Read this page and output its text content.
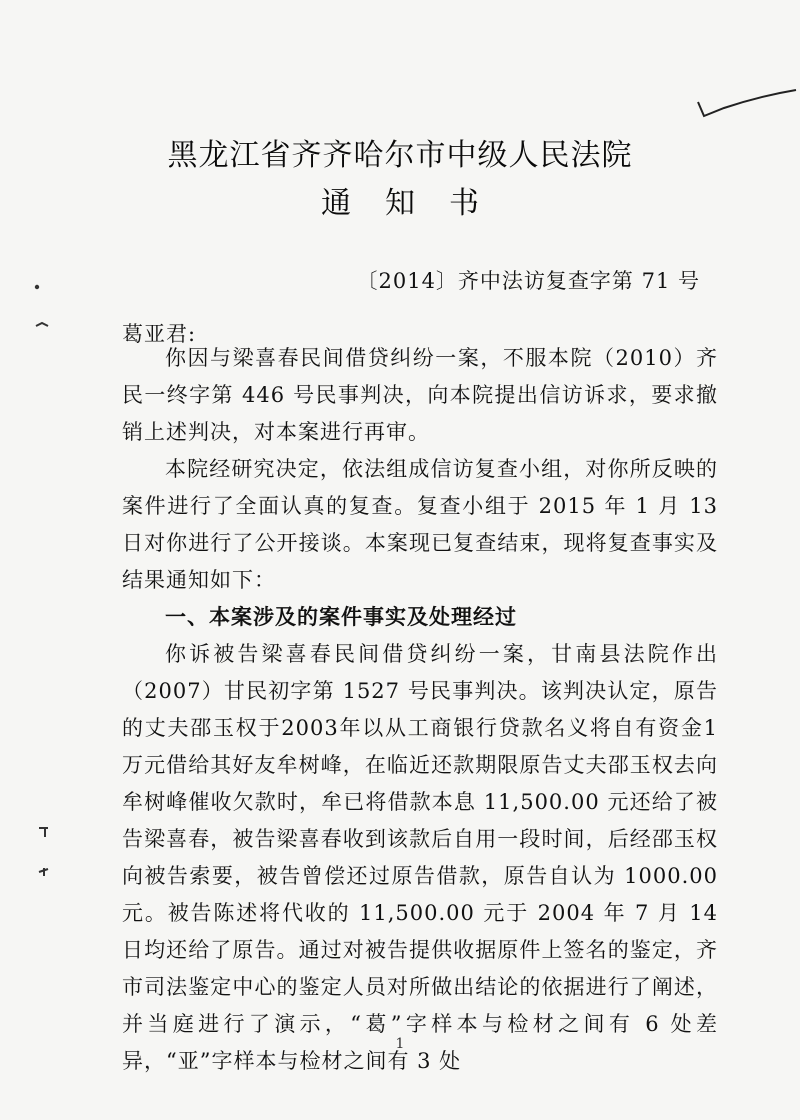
黑龙江省齐齐哈尔市中级人民法院
通知书
〔2014〕齐中法访复查字第 71 号
葛亚君:

你因与梁喜春民间借贷纠纷一案，不服本院（2010）齐民一终字第 446 号民事判决，向本院提出信访诉求，要求撤销上述判决，对本案进行再审。

本院经研究决定，依法组成信访复查小组，对你所反映的案件进行了全面认真的复查。复查小组于 2015 年 1 月 13 日对你进行了公开接谈。本案现已复查结束，现将复查事实及结果通知如下：

一、本案涉及的案件事实及处理经过

你诉被告梁喜春民间借贷纠纷一案，甘南县法院作出（2007）甘民初字第 1527 号民事判决。该判决认定，原告的丈夫邵玉权于2003年以从工商银行贷款名义将自有资金1万元借给其好友牟树峰，在临近还款期限原告丈夫邵玉权去向牟树峰催收欠款时，牟已将借款本息 11,500.00 元还给了被告梁喜春，被告梁喜春收到该款后自用一段时间，后经邵玉权向被告索要，被告曾偿还过原告借款，原告自认为 1000.00 元。被告陈述将代收的 11,500.00 元于 2004 年 7 月 14 日均还给了原告。通过对被告提供收据原件上签名的鉴定，齐市司法鉴定中心的鉴定人员对所做出结论的依据进行了阐述，并当庭进行了演示，“葛”字样本与检材之间有 6 处差异，“亚”字样本与检材之间有 3 处

1
